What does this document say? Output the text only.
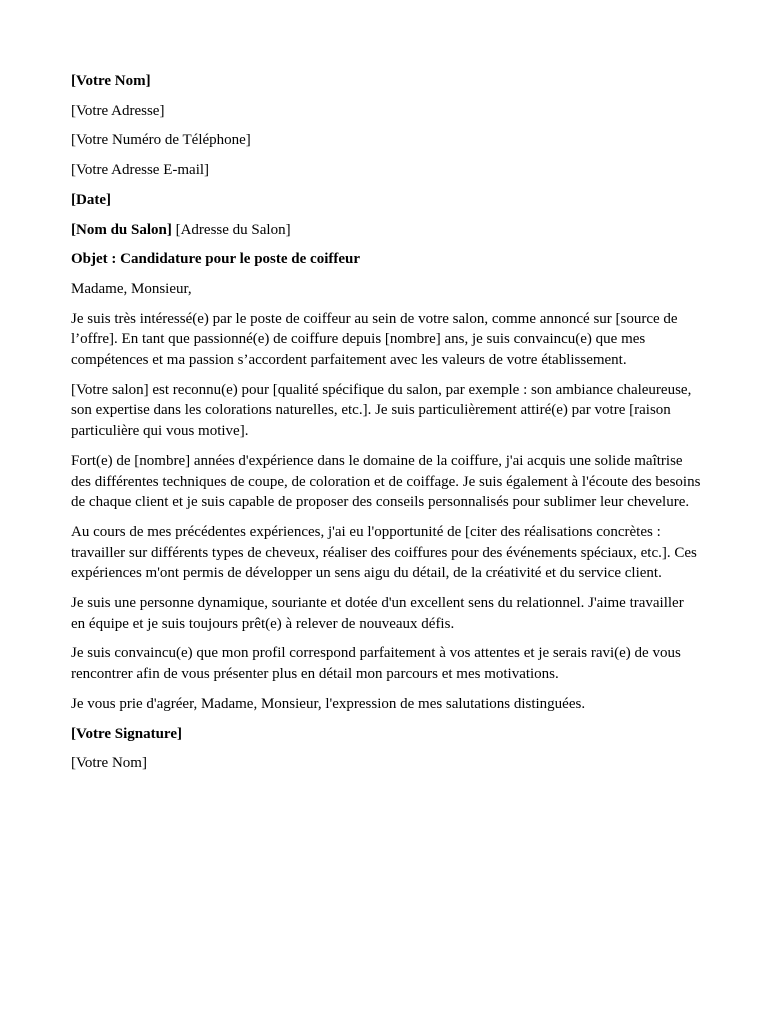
[Votre Nom]

[Votre Adresse]

[Votre Numéro de Téléphone]

[Votre Adresse E-mail]

[Date]

[Nom du Salon] [Adresse du Salon]

Objet : Candidature pour le poste de coiffeur

Madame, Monsieur,

Je suis très intéressé(e) par le poste de coiffeur au sein de votre salon, comme annoncé sur [source de l’offre]. En tant que passionné(e) de coiffure depuis [nombre] ans, je suis convaincu(e) que mes compétences et ma passion s’accordent parfaitement avec les valeurs de votre établissement.

[Votre salon] est reconnu(e) pour [qualité spécifique du salon, par exemple : son ambiance chaleureuse, son expertise dans les colorations naturelles, etc.]. Je suis particulièrement attiré(e) par votre [raison particulière qui vous motive].

Fort(e) de [nombre] années d'expérience dans le domaine de la coiffure, j'ai acquis une solide maîtrise des différentes techniques de coupe, de coloration et de coiffage. Je suis également à l'écoute des besoins de chaque client et je suis capable de proposer des conseils personnalisés pour sublimer leur chevelure.

Au cours de mes précédentes expériences, j'ai eu l'opportunité de [citer des réalisations concrètes : travailler sur différents types de cheveux, réaliser des coiffures pour des événements spéciaux, etc.]. Ces expériences m'ont permis de développer un sens aigu du détail, de la créativité et du service client.

Je suis une personne dynamique, souriante et dotée d'un excellent sens du relationnel. J'aime travailler en équipe et je suis toujours prêt(e) à relever de nouveaux défis.

Je suis convaincu(e) que mon profil correspond parfaitement à vos attentes et je serais ravi(e) de vous rencontrer afin de vous présenter plus en détail mon parcours et mes motivations.

Je vous prie d'agréer, Madame, Monsieur, l'expression de mes salutations distinguées.

[Votre Signature]

[Votre Nom]
